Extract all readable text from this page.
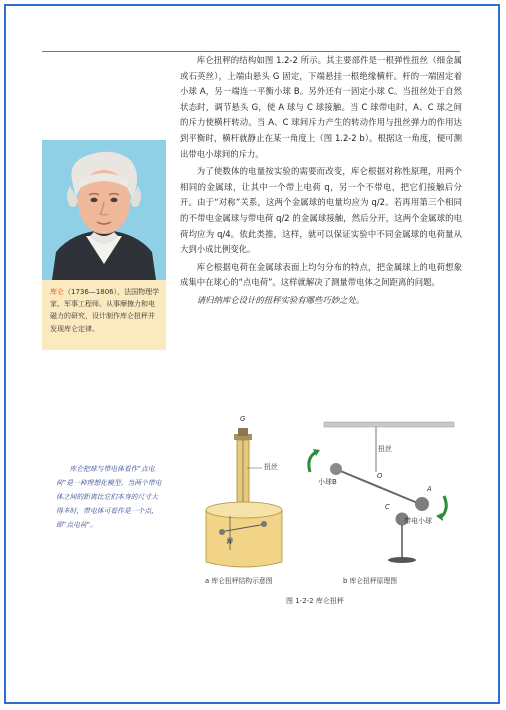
库仑扭秤的结构如图 1.2-2 所示。其主要部件是一根弹性扭丝（细金属或石英丝），上端由悬头 G 固定，下端悬挂一根绝缘横杆。杆的一端固定着小球 A，另一端连一平衡小球 B。另外还有一固定小球 C。当扭丝处于自然状态时，调节悬头 G，使 A 球与 C 球接触。当 C 球带电时，A、C 球之间的斥力使横杆转动。当 A、C 球间斥力产生的转动作用与扭丝弹力的作用达到平衡时，横杆就静止在某一角度上（图 1.2-2 b）。根据这一角度，便可测出带电小球间的斥力。

为了使数体的电量按实验的需要而改变，库仑根据对称性原理，用两个相同的金属球，让其中一个带上电荷 q，另一个不带电，把它们接触后分开。由于“对称”关系，这两个金属球的电量均应为 q/2。若再用第三个相同的不带电金属球与带电荷 q/2 的金属球接触，然后分开，这两个金属球的电荷均应为 q/4。依此类推，这样，就可以保证实验中不同金属球的电荷量从大到小成比例变化。

库仑根据电荷在金属球表面上均匀分布的特点，把金属球上的电荷想象成集中在球心的“点电荷”。这样就解决了测量带电体之间距离的问题。

请归纳库仑设计的扭秤实验有哪些巧妙之处。

库仑（1736—1806），法国物理学家、军事工程师。从事摩擦力和电磁力的研究，设计制作库仑扭秤并发现库仑定律。
库仑把球与带电体看作“点电荷”是一种理想化模型。当两个带电体之间的距离比它们本身的尺寸大得多时，带电体可看作是一个点，即“点电荷”。
G
扭丝
A
扭丝
O
小球B
A
C
带电小球
a 库仑扭秤结构示意图	b 库仑扭秤原理图
图 1-2-2 库仑扭秤
